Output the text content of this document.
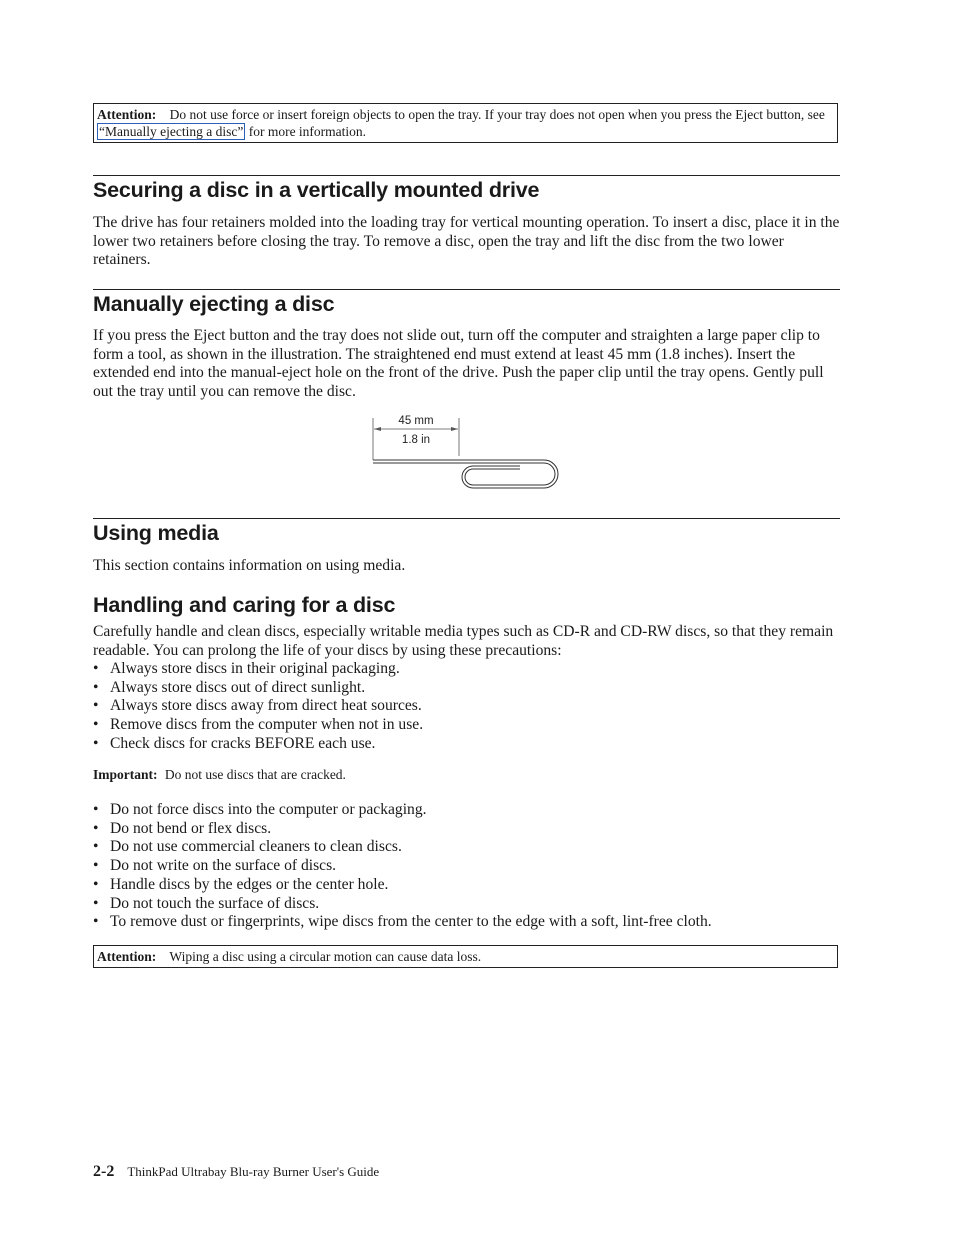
Attention: Do not use force or insert foreign objects to open the tray. If your tray does not open when you press the Eject button, see “Manually ejecting a disc” for more information.
Securing a disc in a vertically mounted drive

The drive has four retainers molded into the loading tray for vertical mounting operation. To insert a disc, place it in the lower two retainers before closing the tray. To remove a disc, open the tray and lift the disc from the two lower retainers.

Manually ejecting a disc

If you press the Eject button and the tray does not slide out, turn off the computer and straighten a large paper clip to form a tool, as shown in the illustration. The straightened end must extend at least 45 mm (1.8 inches). Insert the extended end into the manual-eject hole on the front of the drive. Push the paper clip until the tray opens. Gently pull out the tray until you can remove the disc.

45 mm
1.8 in
Using media

This section contains information on using media.

Handling and caring for a disc

Carefully handle and clean discs, especially writable media types such as CD-R and CD-RW discs, so that they remain readable. You can prolong the life of your discs by using these precautions:

• Always store discs in their original packaging.
• Always store discs out of direct sunlight.
• Always store discs away from direct heat sources.
• Remove discs from the computer when not in use.
• Check discs for cracks BEFORE each use.
Important: Do not use discs that are cracked.
• Do not force discs into the computer or packaging.
• Do not bend or flex discs.
• Do not use commercial cleaners to clean discs.
• Do not write on the surface of discs.
• Handle discs by the edges or the center hole.
• Do not touch the surface of discs.
• To remove dust or fingerprints, wipe discs from the center to the edge with a soft, lint-free cloth.
Attention: Wiping a disc using a circular motion can cause data loss.
2-2 ThinkPad Ultrabay Blu-ray Burner User's Guide
